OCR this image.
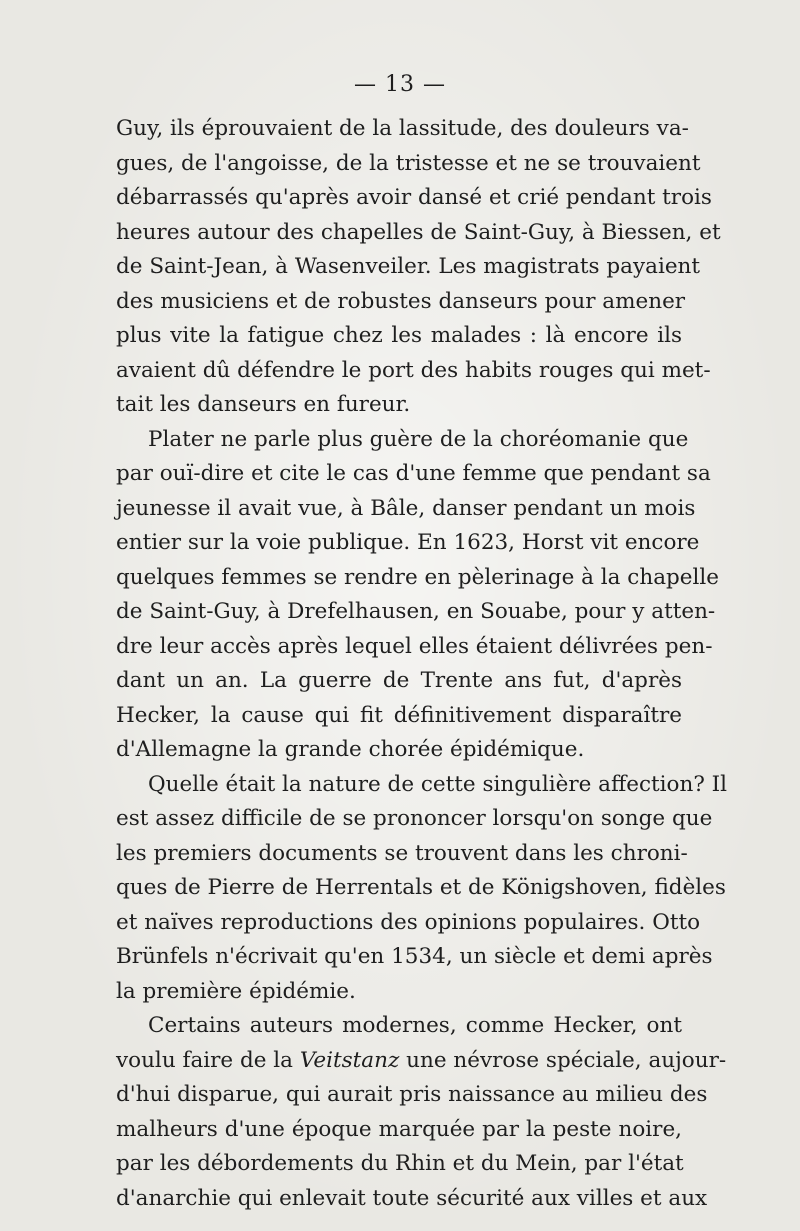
— 13 —
Guy, ils éprouvaient de la lassitude, des douleurs va-
gues, de l'angoisse, de la tristesse et ne se trouvaient
débarrassés qu'après avoir dansé et crié pendant trois
heures autour des chapelles de Saint-Guy, à Biessen, et
de Saint-Jean, à Wasenveiler. Les magistrats payaient
des musiciens et de robustes danseurs pour amener
plus vite la fatigue chez les malades : là encore ils
avaient dû défendre le port des habits rouges qui met-
tait les danseurs en fureur.
Plater ne parle plus guère de la choréomanie que
par ouï-dire et cite le cas d'une femme que pendant sa
jeunesse il avait vue, à Bâle, danser pendant un mois
entier sur la voie publique. En 1623, Horst vit encore
quelques femmes se rendre en pèlerinage à la chapelle
de Saint-Guy, à Drefelhausen, en Souabe, pour y atten-
dre leur accès après lequel elles étaient délivrées pen-
dant un an. La guerre de Trente ans fut, d'après
Hecker, la cause qui fit définitivement disparaître
d'Allemagne la grande chorée épidémique.
Quelle était la nature de cette singulière affection? Il
est assez difficile de se prononcer lorsqu'on songe que
les premiers documents se trouvent dans les chroni-
ques de Pierre de Herrentals et de Königshoven, fidèles
et naïves reproductions des opinions populaires. Otto
Brünfels n'écrivait qu'en 1534, un siècle et demi après
la première épidémie.
Certains auteurs modernes, comme Hecker, ont
voulu faire de la Veitstanz une névrose spéciale, aujour-
d'hui disparue, qui aurait pris naissance au milieu des
malheurs d'une époque marquée par la peste noire,
par les débordements du Rhin et du Mein, par l'état
d'anarchie qui enlevait toute sécurité aux villes et aux
